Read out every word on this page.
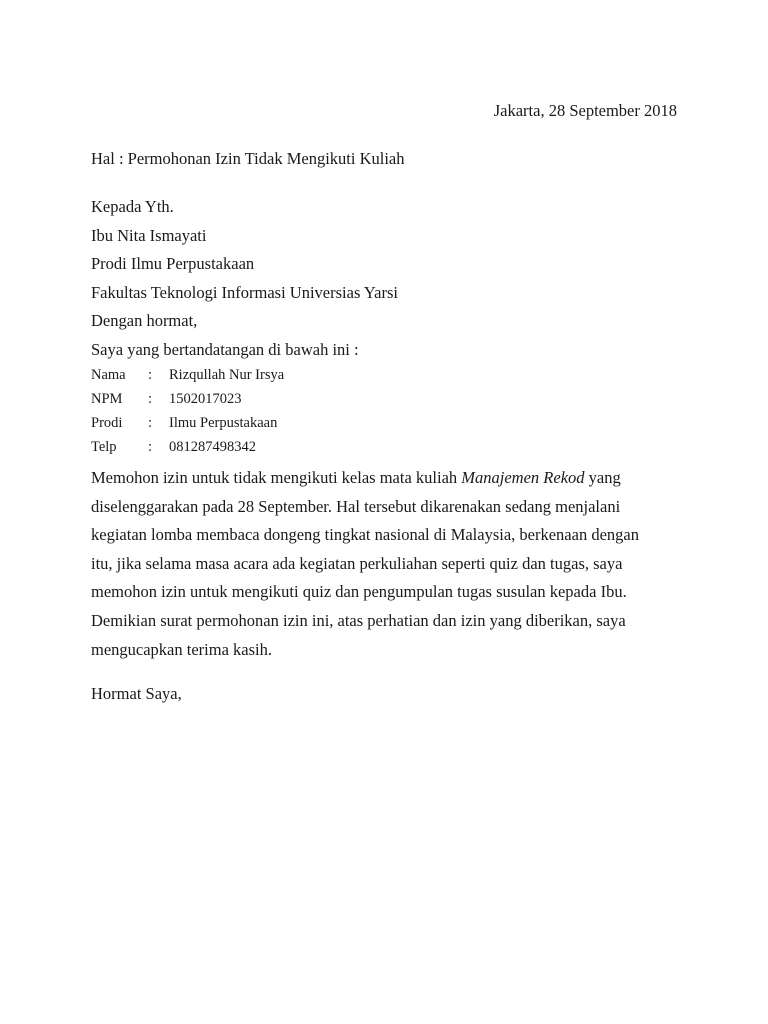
Jakarta, 28 September 2018
Hal : Permohonan Izin Tidak Mengikuti Kuliah
Kepada Yth.
Ibu Nita Ismayati
Prodi Ilmu Perpustakaan
Fakultas Teknologi Informasi Universias Yarsi
Dengan hormat,
Saya yang bertandatangan di bawah ini :
Nama : Rizqullah Nur Irsya
NPM : 1502017023
Prodi : Ilmu Perpustakaan
Telp : 081287498342
Memohon izin untuk tidak mengikuti kelas mata kuliah Manajemen Rekod yang
diselenggarakan pada 28 September. Hal tersebut dikarenakan sedang menjalani
kegiatan lomba membaca dongeng tingkat nasional di Malaysia, berkenaan dengan
itu, jika selama masa acara ada kegiatan perkuliahan seperti quiz dan tugas, saya
memohon izin untuk mengikuti quiz dan pengumpulan tugas susulan kepada Ibu.
Demikian surat permohonan izin ini, atas perhatian dan izin yang diberikan, saya
mengucapkan terima kasih.
Hormat Saya,
